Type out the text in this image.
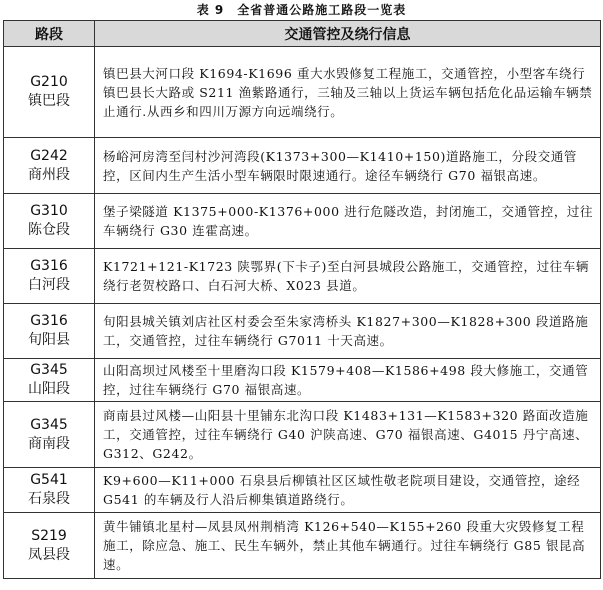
表 9　全省普通公路施工路段一览表
路段	交通管控及绕行信息

G210
镇巴段	镇巴县大河口段 K1694-K1696 重大水毁修复工程施工，交通管控，小型客车绕行镇巴县长大路或 S211 渔紫路通行，三轴及三轴以上货运车辆包括危化品运输车辆禁止通行.从西乡和四川万源方向远端绕行。

G242
商州段	杨峪河房湾至闫村沙河湾段(K1373+300—K1410+150)道路施工，分段交通管控，区间内生产生活小型车辆限时限速通行。途径车辆绕行 G70 福银高速。

G310
陈仓段	堡子梁隧道 K1375+000-K1376+000 进行危隧改造，封闭施工，交通管控，过往车辆绕行 G30 连霍高速。

G316
白河段	K1721+121-K1723 陕鄂界(下卡子)至白河县城段公路施工，交通管控，过往车辆绕行老贺校路口、白石河大桥、X023 县道。

G316
旬阳县	旬阳县城关镇刘店社区村委会至朱家湾桥头 K1827+300—K1828+300 段道路施工，交通管控，过往车辆绕行 G7011 十天高速。

G345
山阳段	山阳高坝过风楼至十里磨沟口段 K1579+408—K1586+498 段大修施工，交通管控，过往车辆绕行 G70 福银高速。

G345
商南段	商南县过风楼—山阳县十里铺东北沟口段 K1483+131—K1583+320 路面改造施工，交通管控，过往车辆绕行 G40 沪陕高速、G70 福银高速、G4015 丹宁高速、G312、G242。

G541
石泉段	K9+600—K11+000 石泉县后柳镇社区区域性敬老院项目建设，交通管控，途经 G541 的车辆及行人沿后柳集镇道路绕行。

S219
凤县段	黄牛铺镇北星村—凤县凤州荆梢湾 K126+540—K155+260 段重大灾毁修复工程施工，除应急、施工、民生车辆外，禁止其他车辆通行。过往车辆绕行 G85 银昆高速。
